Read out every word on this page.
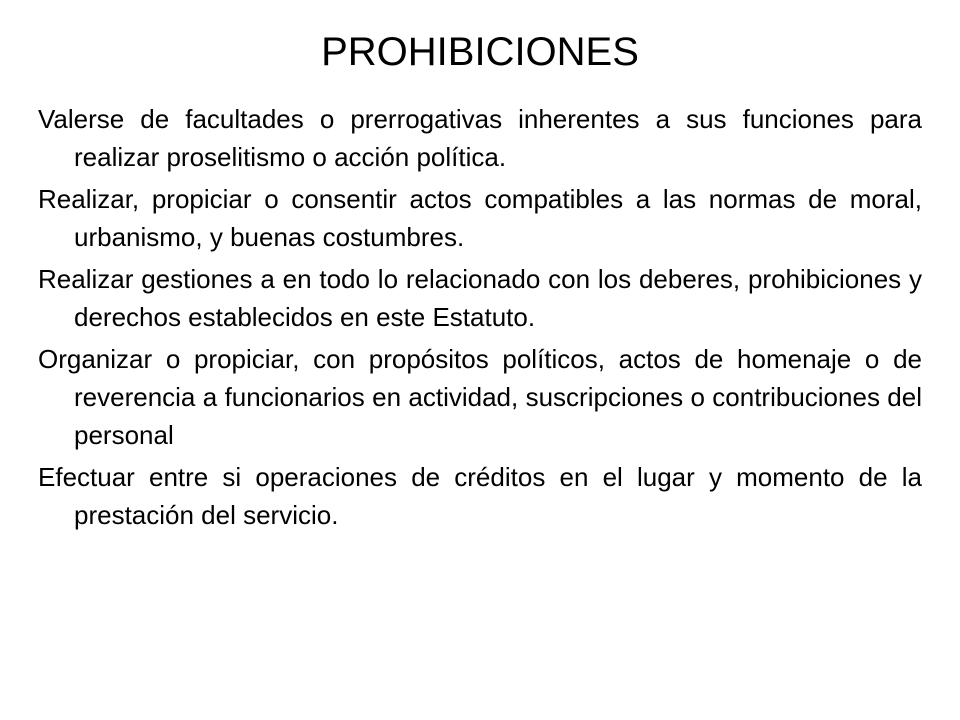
PROHIBICIONES
Valerse de facultades o prerrogativas inherentes a sus funciones para realizar proselitismo o acción política.
Realizar, propiciar o consentir actos compatibles a las normas de moral, urbanismo, y buenas costumbres.
Realizar gestiones a en todo lo relacionado con los deberes, prohibiciones y derechos establecidos en este Estatuto.
Organizar o propiciar, con propósitos políticos, actos de homenaje o de reverencia a funcionarios en actividad, suscripciones o contribuciones del personal
Efectuar entre si operaciones de créditos en el lugar y momento de la prestación del servicio.
